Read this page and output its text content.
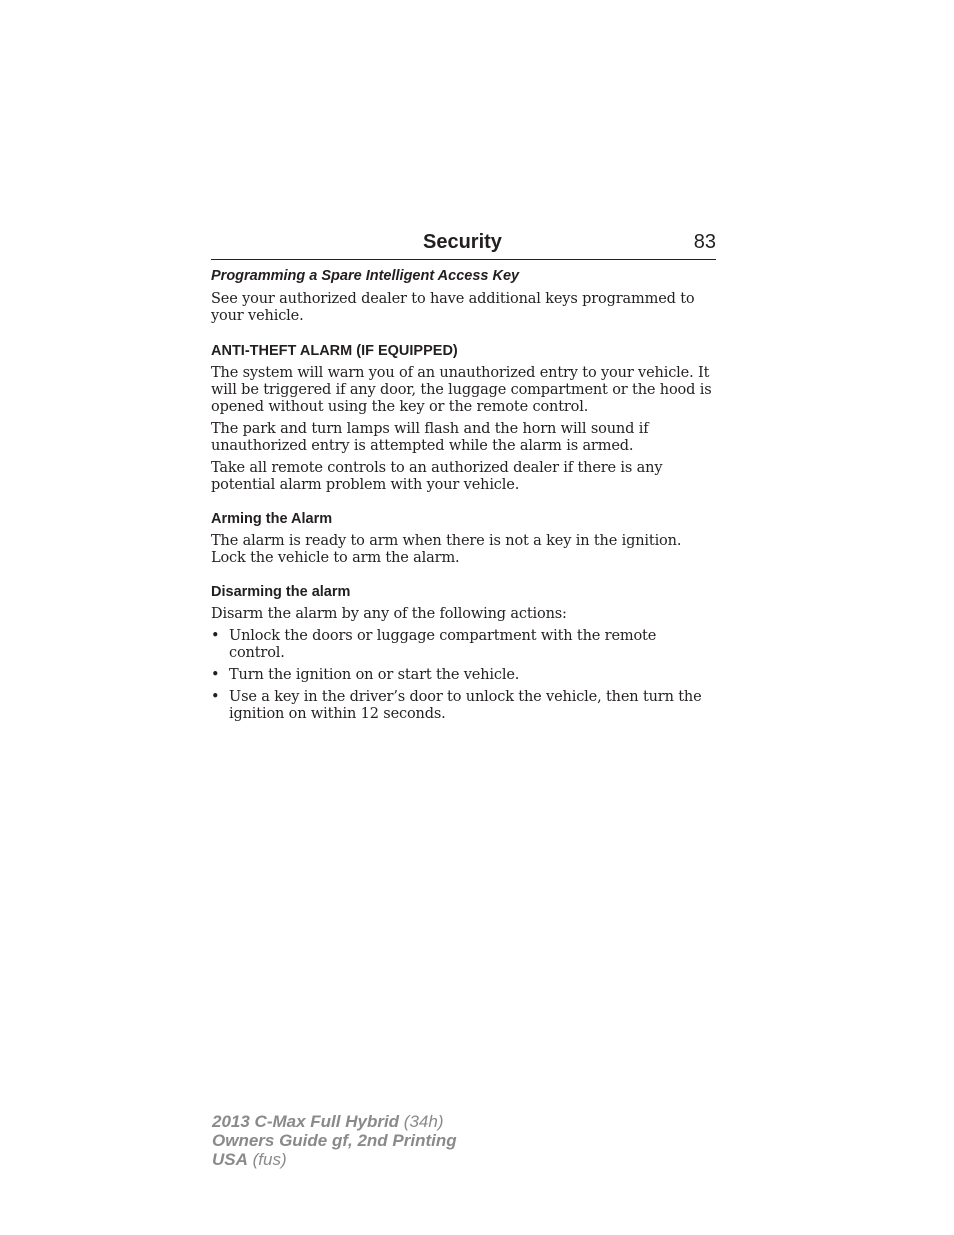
Security	83
Programming a Spare Intelligent Access Key

See your authorized dealer to have additional keys programmed to your vehicle.

ANTI-THEFT ALARM (IF EQUIPPED)

The system will warn you of an unauthorized entry to your vehicle. It will be triggered if any door, the luggage compartment or the hood is opened without using the key or the remote control.

The park and turn lamps will flash and the horn will sound if unauthorized entry is attempted while the alarm is armed.

Take all remote controls to an authorized dealer if there is any potential alarm problem with your vehicle.

Arming the Alarm

The alarm is ready to arm when there is not a key in the ignition. Lock the vehicle to arm the alarm.

Disarming the alarm

Disarm the alarm by any of the following actions:

• Unlock the doors or luggage compartment with the remote control.
• Turn the ignition on or start the vehicle.
• Use a key in the driver’s door to unlock the vehicle, then turn the ignition on within 12 seconds.
2013 C-Max Full Hybrid (34h)
Owners Guide gf, 2nd Printing
USA (fus)
